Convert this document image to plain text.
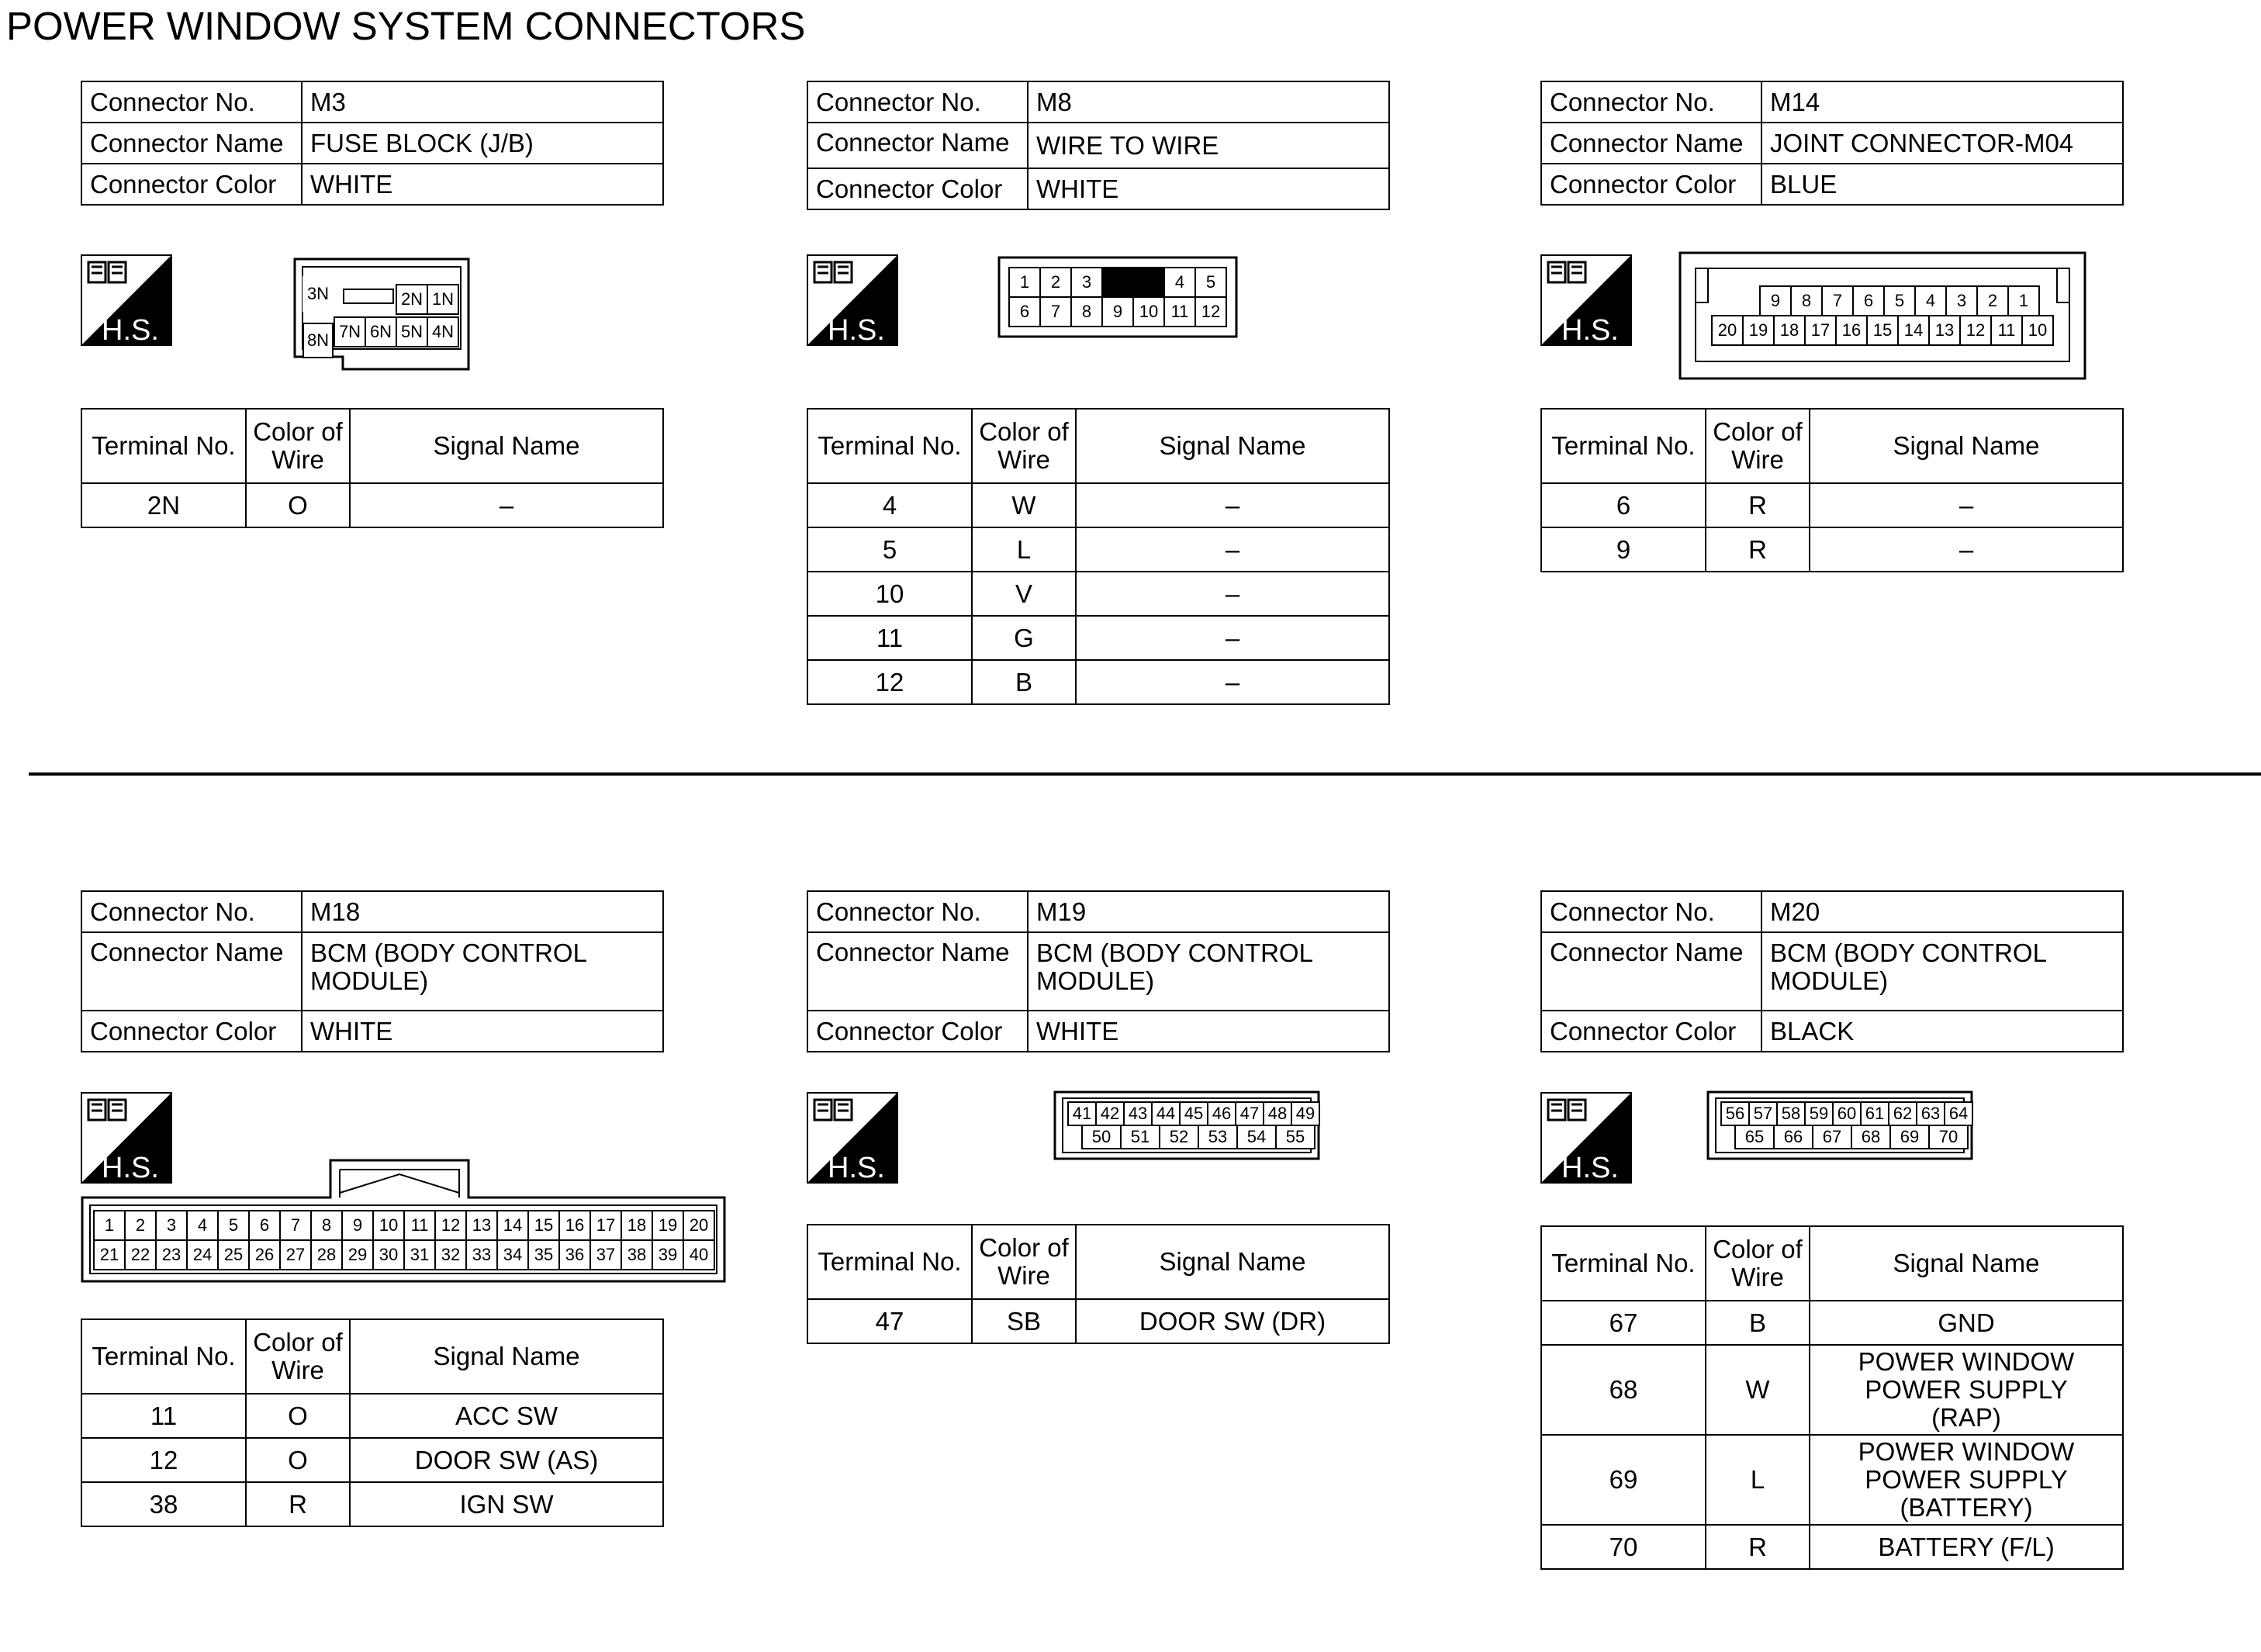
POWER WINDOW SYSTEM CONNECTORS
Connector No.	M3
Connector Name	FUSE BLOCK (J/B)
Connector Color	WHITE
H.S.
3N	2N 1N
8N 7N 6N 5N 4N
Terminal No.	Color of Wire	Signal Name
2N	O	–
Connector No.	M8
Connector Name	WIRE TO WIRE
Connector Color	WHITE
H.S.
1	2	3	4	5
6	7	8	9 10 11 12
Terminal No.	Color of Wire	Signal Name
4	W	–
5	L	–
10	V	–
11	G	–
12	B	–
Connector No.	M14
Connector Name	JOINT CONNECTOR-M04
Connector Color	BLUE
H.S.
9	8	7	6	5	4	3	2	1
20 19 18 17 16 15 14 13 12 11 10
Terminal No.	Color of Wire	Signal Name
6	R	–
9	R	–
Connector No.	M18
Connector Name	BCM (BODY CONTROL MODULE)
Connector Color	WHITE
H.S.
1	2	3	4	5	6	7	8	9 10 11 12 13 14 15 16 17 18 19 20
21 22 23 24 25 26 27 28 29 30 31 32 33 34 35 36 37 38 39 40
Terminal No.	Color of Wire	Signal Name
11	O	ACC SW
12	O	DOOR SW (AS)
38	R	IGN SW
Connector No.	M19
Connector Name	BCM (BODY CONTROL MODULE)
Connector Color	WHITE
H.S.
41 42 43 44 45 46 47 48 49
50	51	52	53	54	55
Terminal No.	Color of Wire	Signal Name
47	SB	DOOR SW (DR)
Connector No.	M20
Connector Name	BCM (BODY CONTROL MODULE)
Connector Color	BLACK
H.S.
56 57 58 59 60 61 62 63 64
65	66	67	68	69	70
Terminal No.	Color of Wire	Signal Name
67	B	GND
68	W	POWER WINDOW POWER SUPPLY (RAP)
69	L	POWER WINDOW POWER SUPPLY (BATTERY)
70	R	BATTERY (F/L)
